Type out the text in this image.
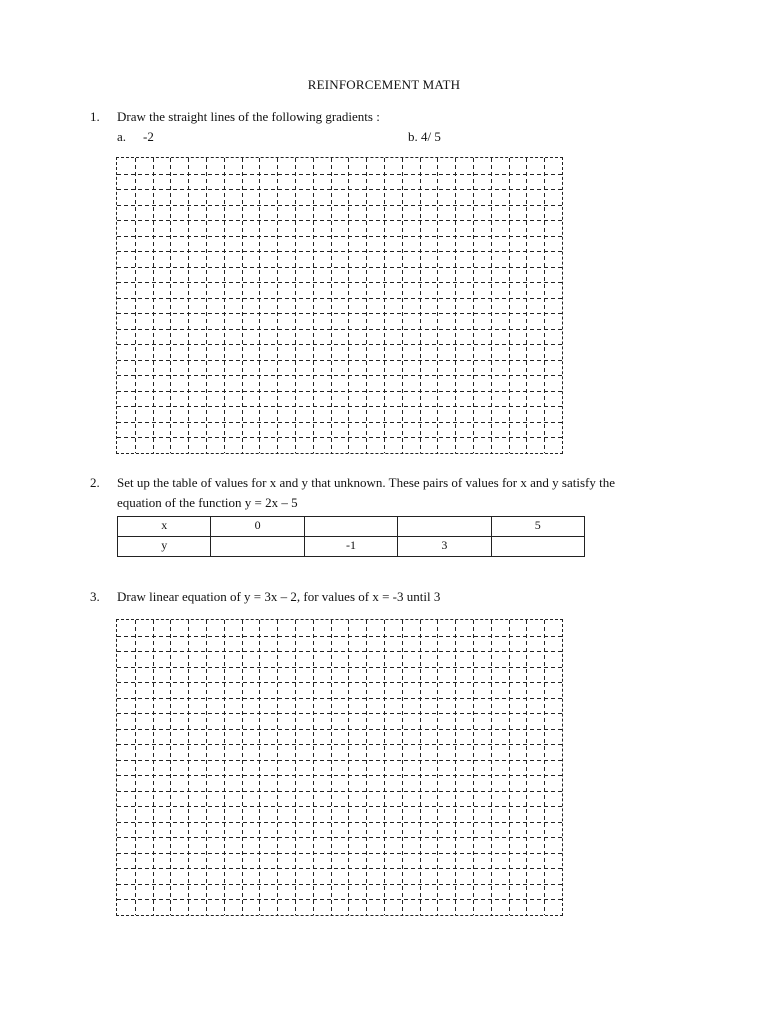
REINFORCEMENT MATH
1. Draw the straight lines of the following gradients :
a. -2	b. 4/ 5
2. Set up the table of values for x and y that unknown. These pairs of values for x and y satisfy the
equation of the function y = 2x – 5
x	0			5
y		-1	3	
3. Draw linear equation of y = 3x – 2, for values of x = -3 until 3
